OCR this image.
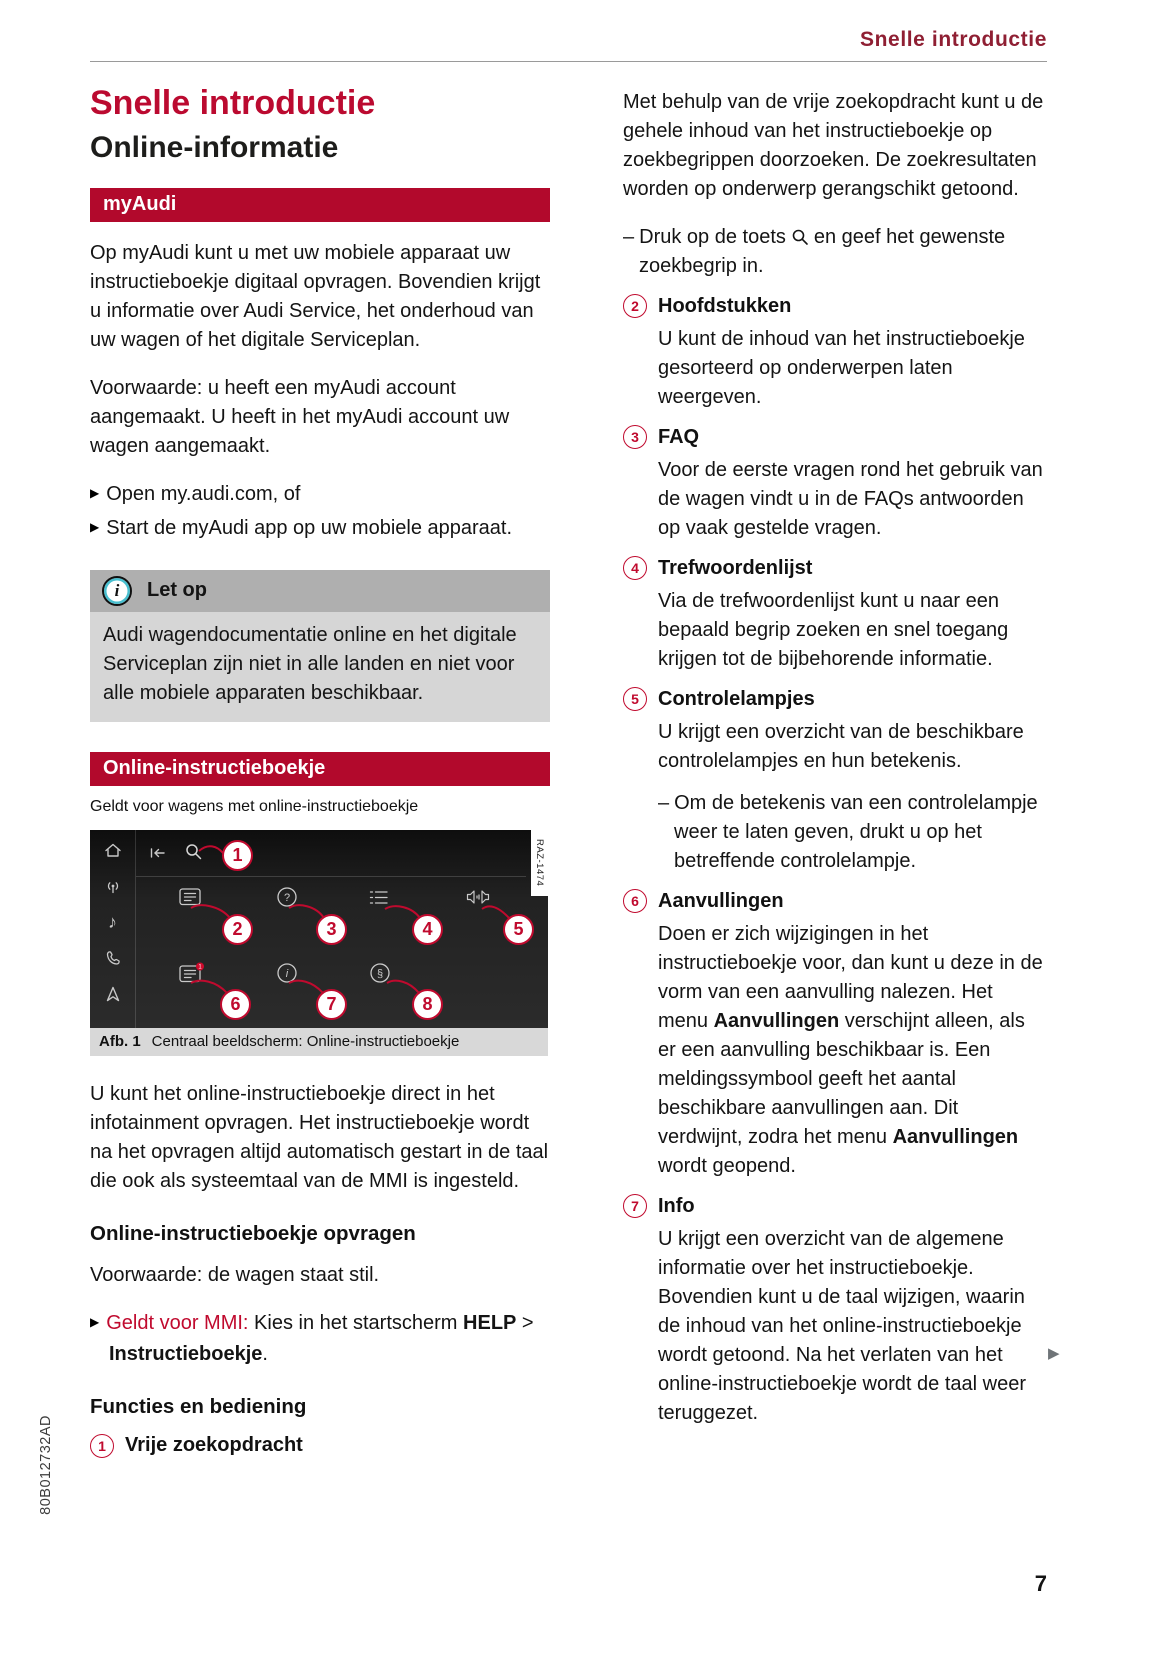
Snelle introductie
Snelle introductie
Online-informatie
myAudi

Op myAudi kunt u met uw mobiele apparaat uw instructieboekje digitaal opvragen. Bovendien krijgt u informatie over Audi Service, het onderhoud van uw wagen of het digitale Serviceplan.

Voorwaarde: u heeft een myAudi account aangemaakt. U heeft in het myAudi account uw wagen aangemaakt.

▶ Open my.audi.com, of
▶ Start de myAudi app op uw mobiele apparaat.
i	Let op
Audi wagendocumentatie online en het digitale Serviceplan zijn niet in alle landen en niet voor alle mobiele apparaten beschikbaar.
Online-instructieboekje
Geldt voor wagens met online-instructieboekje
♪
?
1
i	§
1
2	3	4	5
6	7	8
RAZ-1474
Afb. 1 Centraal beeldscherm: Online-instructieboekje

U kunt het online-instructieboekje direct in het infotainment opvragen. Het instructieboekje wordt na het opvragen altijd automatisch gestart in de taal die ook als systeemtaal van de MMI is ingesteld.

Online-instructieboekje opvragen

Voorwaarde: de wagen staat stil.

▶ Geldt voor MMI: Kies in het startscherm HELP > Instructieboekje.
Functies en bediening
1 Vrije zoekopdracht

Met behulp van de vrije zoekopdracht kunt u de gehele inhoud van het instructieboekje op zoekbegrippen doorzoeken. De zoekresultaten worden op onderwerp gerangschikt getoond.

– Druk op de toets en geef het gewenste zoekbegrip in.
2 Hoofdstukken

U kunt de inhoud van het instructieboekje gesorteerd op onderwerpen laten weergeven.

3 FAQ

Voor de eerste vragen rond het gebruik van de wagen vindt u in de FAQs antwoorden op vaak gestelde vragen.

4 Trefwoordenlijst

Via de trefwoordenlijst kunt u naar een bepaald begrip zoeken en snel toegang krijgen tot de bijbehorende informatie.

5 Controlelampjes

U krijgt een overzicht van de beschikbare controlelampjes en hun betekenis.

– Om de betekenis van een controlelampje weer te laten geven, drukt u op het betreffende controlelampje.
6 Aanvullingen

Doen er zich wijzigingen in het instructieboekje voor, dan kunt u deze in de vorm van een aanvulling nalezen. Het menu Aanvullingen verschijnt alleen, als er een aanvulling beschikbaar is. Een meldingssymbool geeft het aantal beschikbare aanvullingen aan. Dit verdwijnt, zodra het menu Aanvullingen wordt geopend.

7 Info

U krijgt een overzicht van de algemene informatie over het instructieboekje. Bovendien kunt u de taal wijzigen, waarin de inhoud van het online-instructieboekje wordt getoond. Na het verlaten van het online-instructieboekje wordt de taal weer teruggezet.

▶
80B012732AD
7
